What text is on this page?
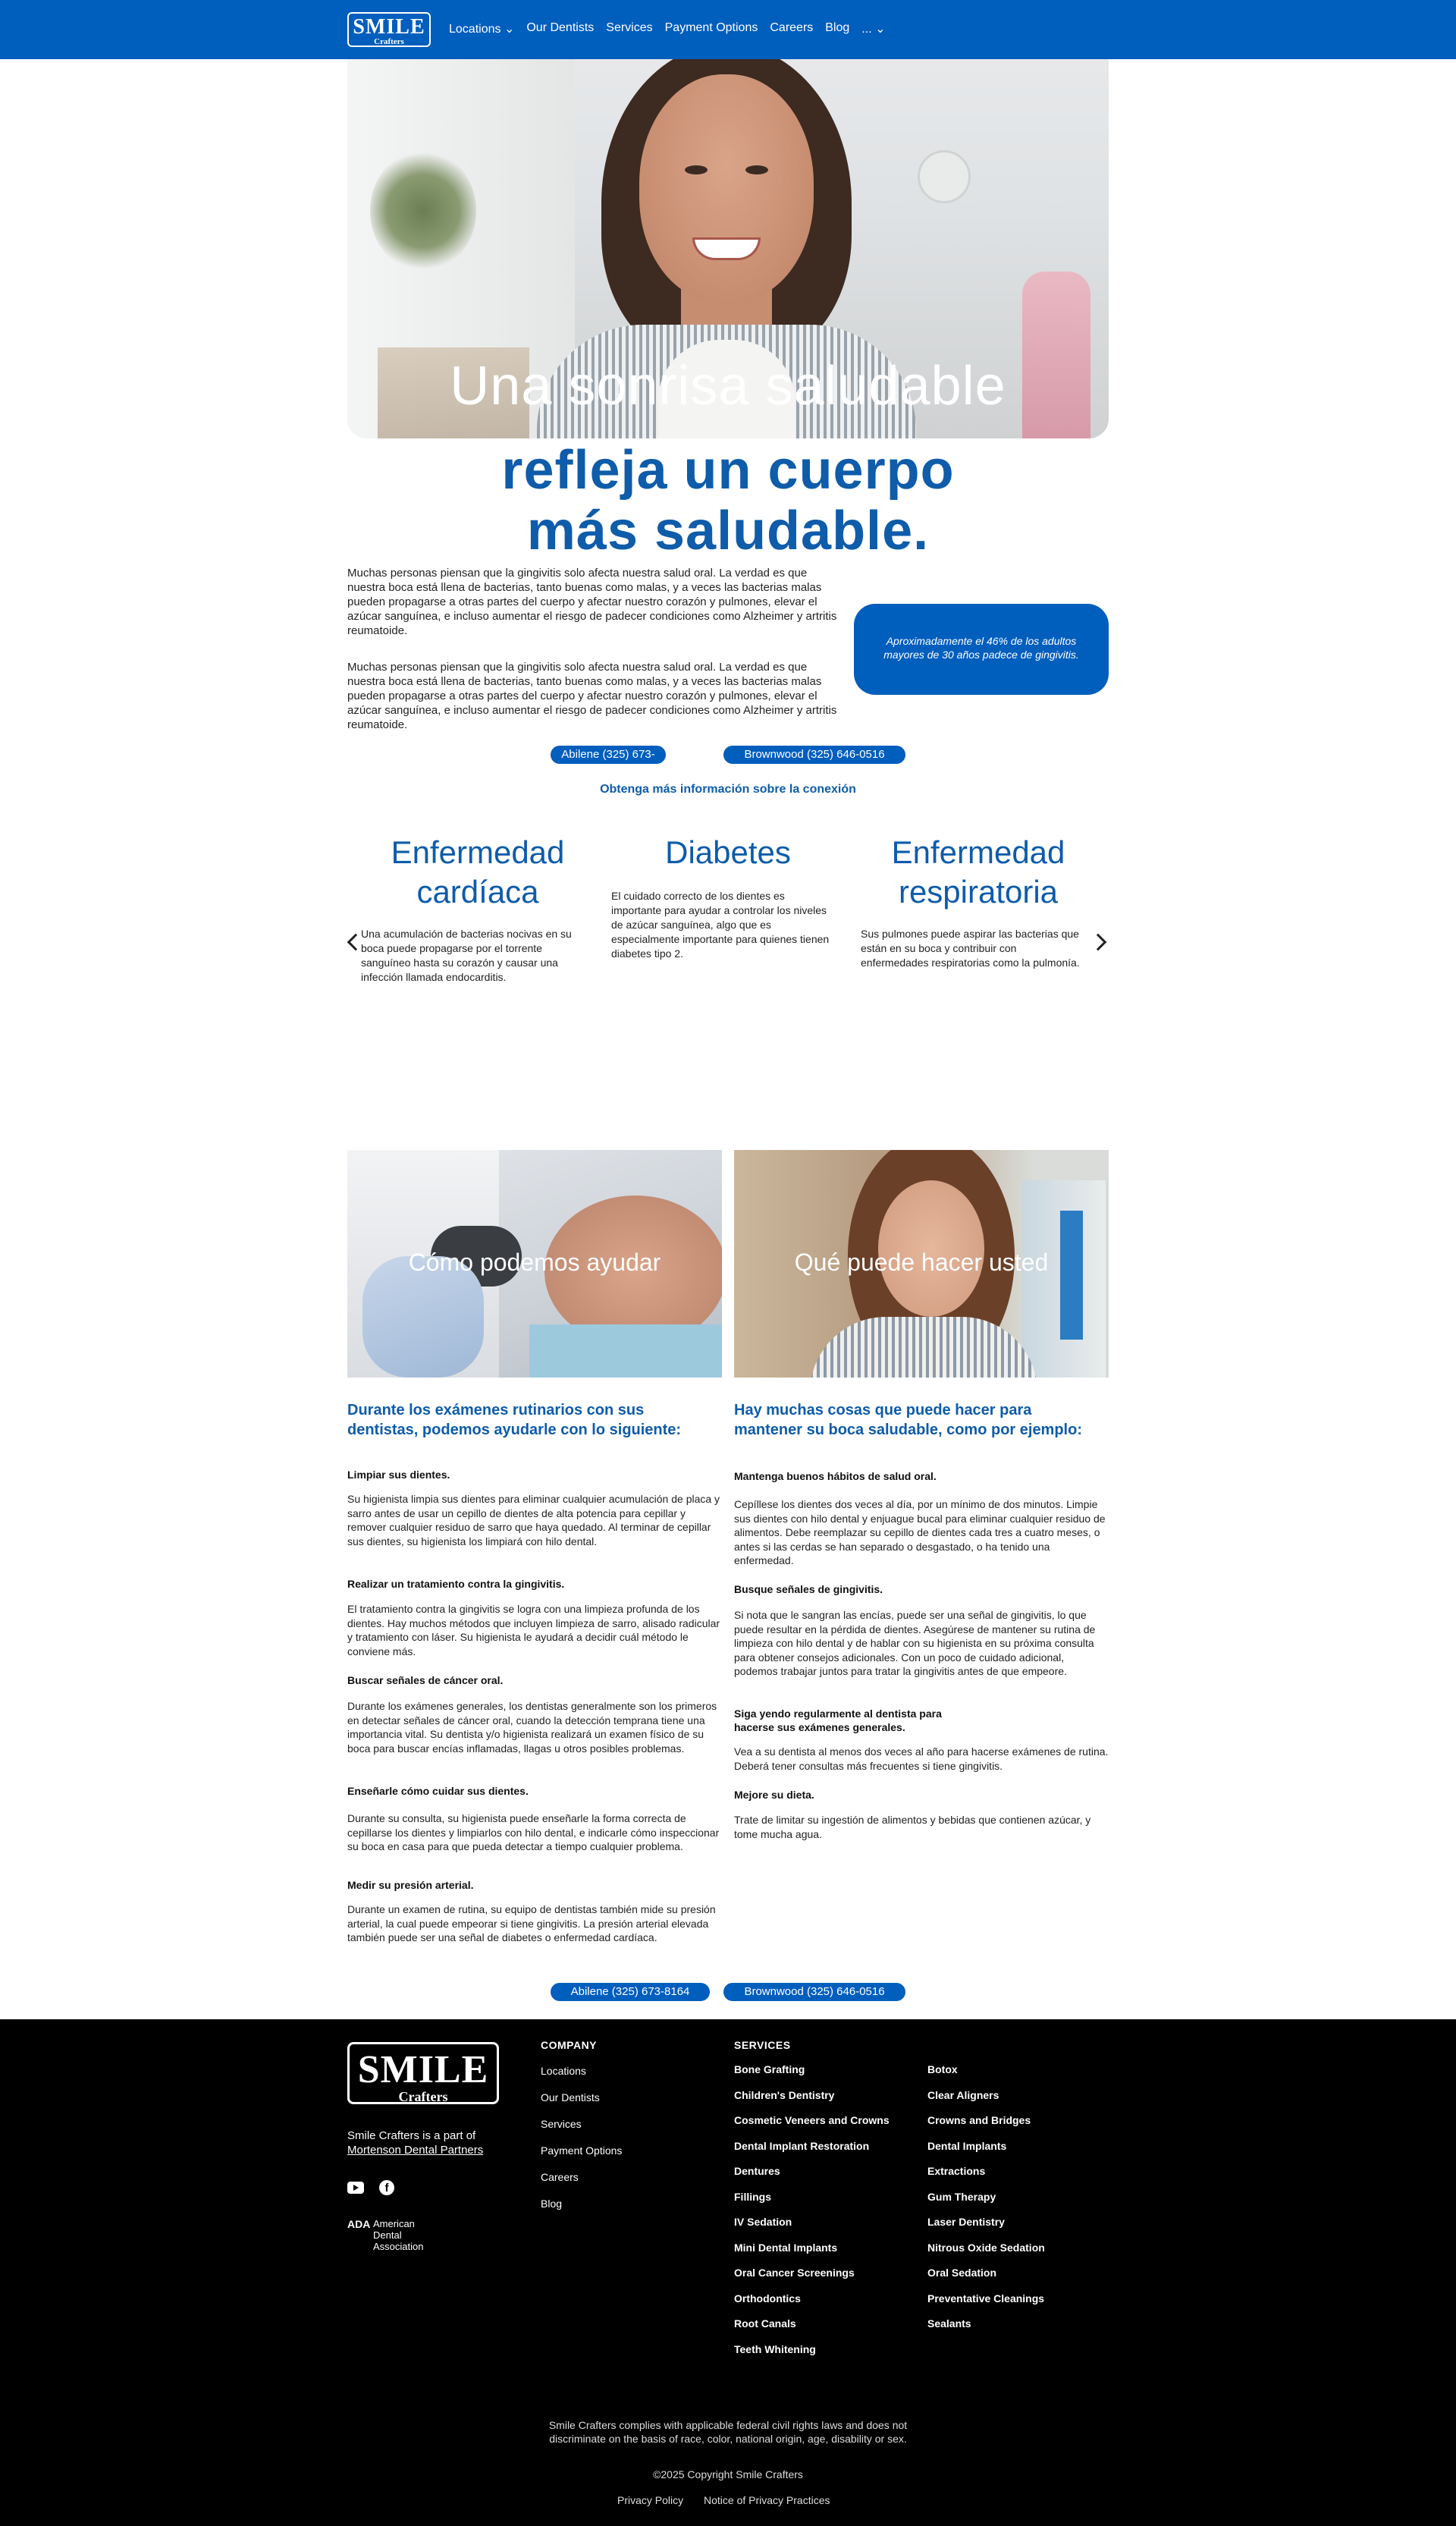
SMILE
Crafters
Locations ⌄ Our Dentists Services Payment Options Careers Blog ... ⌄
Una sonrisa saludable
refleja un cuerpo
más saludable.
Muchas personas piensan que la gingivitis solo afecta nuestra salud oral. La verdad es que nuestra boca está llena de bacterias, tanto buenas como malas, y a veces las bacterias malas pueden propagarse a otras partes del cuerpo y afectar nuestro corazón y pulmones, elevar el azúcar sanguínea, e incluso aumentar el riesgo de padecer condiciones como Alzheimer y artritis reumatoide.
Muchas personas piensan que la gingivitis solo afecta nuestra salud oral. La verdad es que nuestra boca está llena de bacterias, tanto buenas como malas, y a veces las bacterias malas pueden propagarse a otras partes del cuerpo y afectar nuestro corazón y pulmones, elevar el azúcar sanguínea, e incluso aumentar el riesgo de padecer condiciones como Alzheimer y artritis reumatoide.
Aproximadamente el 46% de los adultos mayores de 30 años padece de gingivitis.
Abilene (325) 673-8164
Brownwood (325) 646-0516
Obtenga más información sobre la conexión
Enfermedad cardíaca
Una acumulación de bacterias nocivas en su boca puede propagarse por el torrente sanguíneo hasta su corazón y causar una infección llamada endocarditis.
Diabetes
El cuidado correcto de los dientes es importante para ayudar a controlar los niveles de azúcar sanguínea, algo que es especialmente importante para quienes tienen diabetes tipo 2.
Enfermedad respiratoria
Sus pulmones puede aspirar las bacterias que están en su boca y contribuir con enfermedades respiratorias como la pulmonía.
Cómo podemos ayudar	Qué puede hacer usted
Durante los exámenes rutinarios con sus dentistas, podemos ayudarle con lo siguiente:
Limpiar sus dientes.
Su higienista limpia sus dientes para eliminar cualquier acumulación de placa y sarro antes de usar un cepillo de dientes de alta potencia para cepillar y remover cualquier residuo de sarro que haya quedado. Al terminar de cepillar sus dientes, su higienista los limpiará con hilo dental.
Realizar un tratamiento contra la gingivitis.
El tratamiento contra la gingivitis se logra con una limpieza profunda de los dientes. Hay muchos métodos que incluyen limpieza de sarro, alisado radicular y tratamiento con láser. Su higienista le ayudará a decidir cuál método le conviene más.
Buscar señales de cáncer oral.
Durante los exámenes generales, los dentistas generalmente son los primeros en detectar señales de cáncer oral, cuando la detección temprana tiene una importancia vital. Su dentista y/o higienista realizará un examen físico de su boca para buscar encías inflamadas, llagas u otros posibles problemas.
Enseñarle cómo cuidar sus dientes.
Durante su consulta, su higienista puede enseñarle la forma correcta de cepillarse los dientes y limpiarlos con hilo dental, e indicarle cómo inspeccionar su boca en casa para que pueda detectar a tiempo cualquier problema.
Medir su presión arterial.
Durante un examen de rutina, su equipo de dentistas también mide su presión arterial, la cual puede empeorar si tiene gingivitis. La presión arterial elevada también puede ser una señal de diabetes o enfermedad cardíaca.
Hay muchas cosas que puede hacer para mantener su boca saludable, como por ejemplo:
Mantenga buenos hábitos de salud oral.
Cepíllese los dientes dos veces al día, por un mínimo de dos minutos. Limpie sus dientes con hilo dental y enjuague bucal para eliminar cualquier residuo de alimentos. Debe reemplazar su cepillo de dientes cada tres a cuatro meses, o antes si las cerdas se han separado o desgastado, o ha tenido una enfermedad.
Busque señales de gingivitis.
Si nota que le sangran las encías, puede ser una señal de gingivitis, lo que puede resultar en la pérdida de dientes. Asegúrese de mantener su rutina de limpieza con hilo dental y de hablar con su higienista en su próxima consulta para obtener consejos adicionales. Con un poco de cuidado adicional, podemos trabajar juntos para tratar la gingivitis antes de que empeore.
Siga yendo regularmente al dentista para hacerse sus exámenes generales.
Vea a su dentista al menos dos veces al año para hacerse exámenes de rutina. Deberá tener consultas más frecuentes si tiene gingivitis.
Mejore su dieta.
Trate de limitar su ingestión de alimentos y bebidas que contienen azúcar, y tome mucha agua.
Abilene (325) 673-8164	Brownwood (325) 646-0516
SMILE
Crafters
Smile Crafters is a part of
Mortenson Dental Partners
f
ADA American Dental Association
COMPANY
Locations
Our Dentists
Services
Payment Options
Careers
Blog
SERVICES
Bone Grafting
Children's Dentistry
Cosmetic Veneers and Crowns
Dental Implant Restoration
Dentures
Fillings
IV Sedation
Mini Dental Implants
Oral Cancer Screenings
Orthodontics
Root Canals
Teeth Whitening
Botox
Clear Aligners
Crowns and Bridges
Dental Implants
Extractions
Gum Therapy
Laser Dentistry
Nitrous Oxide Sedation
Oral Sedation
Preventative Cleanings
Sealants
Smile Crafters complies with applicable federal civil rights laws and does not discriminate on the basis of race, color, national origin, age, disability or sex.
©2025 Copyright Smile Crafters
Privacy Policy Notice of Privacy Practices
